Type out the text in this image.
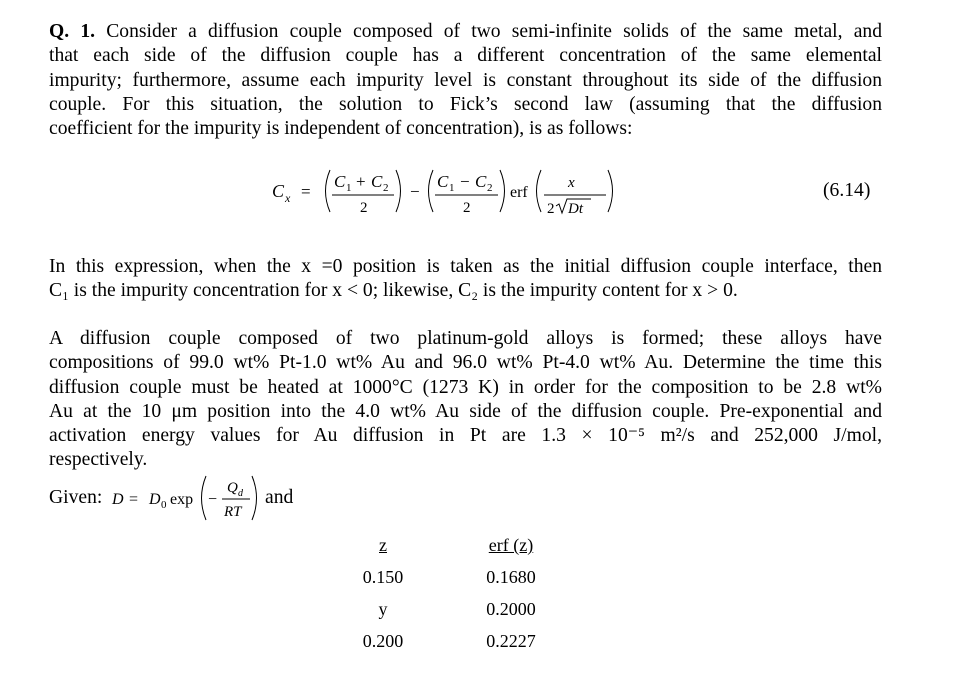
Q. 1. Consider a diffusion couple composed of two semi-infinite solids of the same metal, and
that each side of the diffusion couple has a different concentration of the same elemental
impurity; furthermore, assume each impurity level is constant throughout its side of the diffusion
couple. For this situation, the solution to Fick’s second law (assuming that the diffusion
coefficient for the impurity is independent of concentration), is as follows:
C x =
C 1 + C 2
2
−
C 1 − C 2
2
erf
x
2 Dt
(6.14)
In this expression, when the x =0 position is taken as the initial diffusion couple interface, then
C₁ is the impurity concentration for x < 0; likewise, C₂ is the impurity content for x > 0.
A diffusion couple composed of two platinum-gold alloys is formed; these alloys have
compositions of 99.0 wt% Pt-1.0 wt% Au and 96.0 wt% Pt-4.0 wt% Au. Determine the time this
diffusion couple must be heated at 1000°C (1273 K) in order for the composition to be 2.8 wt%
Au at the 10 μm position into the 4.0 wt% Au side of the diffusion couple. Pre-exponential and
activation energy values for Au diffusion in Pt are 1.3 × 10⁻⁵ m²/s and 252,000 J/mol,
respectively.
Given: D = D 0 exp −
Q d
RT
and
z	erf (z)
0.150	0.1680
y	0.2000
0.200	0.2227
